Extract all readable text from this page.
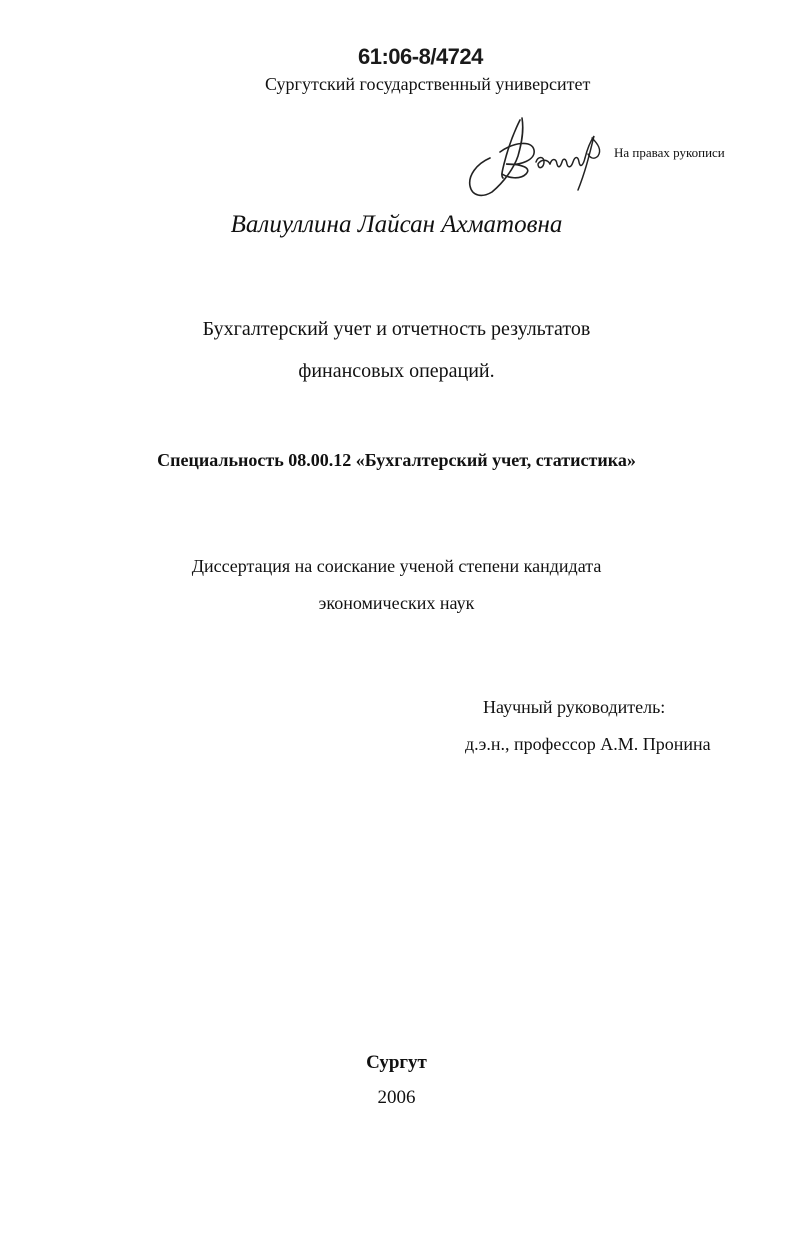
61:06-8/4724
Сургутский государственный университет
На правах рукописи
Валиуллина Лайсан Ахматовна
Бухгалтерский учет и отчетность результатов
финансовых операций.
Специальность 08.00.12 «Бухгалтерский учет, статистика»
Диссертация на соискание ученой степени кандидата
экономических наук
Научный руководитель:
д.э.н., профессор А.М. Пронина
Сургут
2006
